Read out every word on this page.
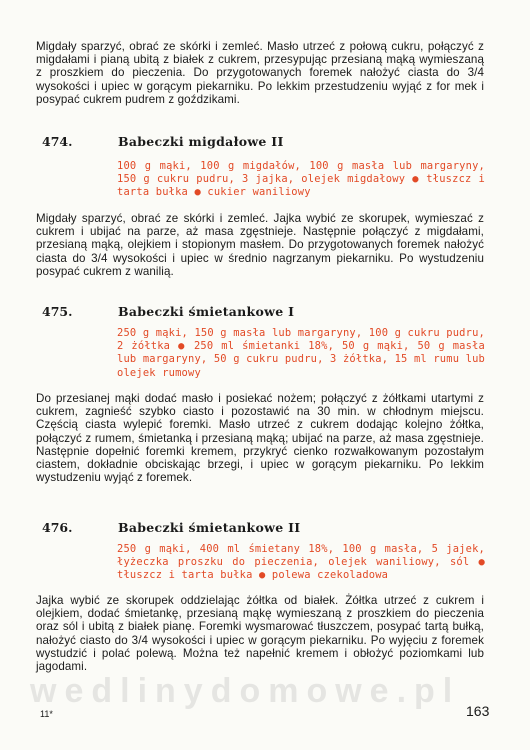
Migdały sparzyć, obrać ze skórki i zemleć. Masło utrzeć z połową cukru, połączyć z migdałami i pianą ubitą z białek z cukrem, przesypując przesianą mąką wymieszaną z proszkiem do pieczenia. Do przygotowanych foremek nałożyć ciasta do 3/4 wysokości i upiec w gorącym piekarniku. Po lekkim przestudzeniu wyjąć z for mek i posypać cukrem pudrem z goździkami.
474.	Babeczki migdałowe II
100 g mąki, 100 g migdałów, 100 g masła lub margaryny, 150 g cukru pudru, 3 jajka, olejek migdałowy ● tłuszcz i tarta bułka ● cukier waniliowy
Migdały sparzyć, obrać ze skórki i zemleć. Jajka wybić ze skorupek, wymieszać z cukrem i ubijać na parze, aż masa zgęstnieje. Następnie połączyć z migdałami, przesianą mąką, olejkiem i stopionym masłem. Do przygotowanych foremek nałożyć ciasta do 3/4 wysokości i upiec w średnio nagrzanym piekarniku. Po wystudzeniu posypać cukrem z wanilią.
475.	Babeczki śmietankowe I
250 g mąki, 150 g masła lub margaryny, 100 g cukru pudru, 2 żółtka ● 250 ml śmietanki 18%, 50 g mąki, 50 g masła lub margaryny, 50 g cukru pudru, 3 żółtka, 15 ml rumu lub olejek rumowy
Do przesianej mąki dodać masło i posiekać nożem; połączyć z żółtkami utartymi z cukrem, zagnieść szybko ciasto i pozostawić na 30 min. w chłodnym miejscu. Częścią ciasta wylepić foremki. Masło utrzeć z cukrem dodając kolejno żółtka, połączyć z rumem, śmietanką i przesianą mąką; ubijać na parze, aż masa zgęstnieje. Następnie dopełnić foremki kremem, przykryć cienko rozwałkowanym pozostałym ciastem, dokładnie obciskając brzegi, i upiec w gorącym piekarniku. Po lekkim wystudzeniu wyjąć z foremek.
476.	Babeczki śmietankowe II
250 g mąki, 400 ml śmietany 18%, 100 g masła, 5 jajek, łyżeczka proszku do pieczenia, olejek waniliowy, sól ● tłuszcz i tarta bułka ● polewa czekoladowa
Jajka wybić ze skorupek oddzielając żółtka od białek. Żółtka utrzeć z cukrem i olejkiem, dodać śmietankę, przesianą mąkę wymieszaną z proszkiem do pieczenia oraz sól i ubitą z białek pianę. Foremki wysmarować tłuszczem, posypać tartą bułką, nałożyć ciasto do 3/4 wysokości i upiec w gorącym piekarniku. Po wyjęciu z foremek wystudzić i polać polewą. Można też napełnić kremem i obłożyć poziomkami lub jagodami.
wedlinydomowe.pl
11*	163
